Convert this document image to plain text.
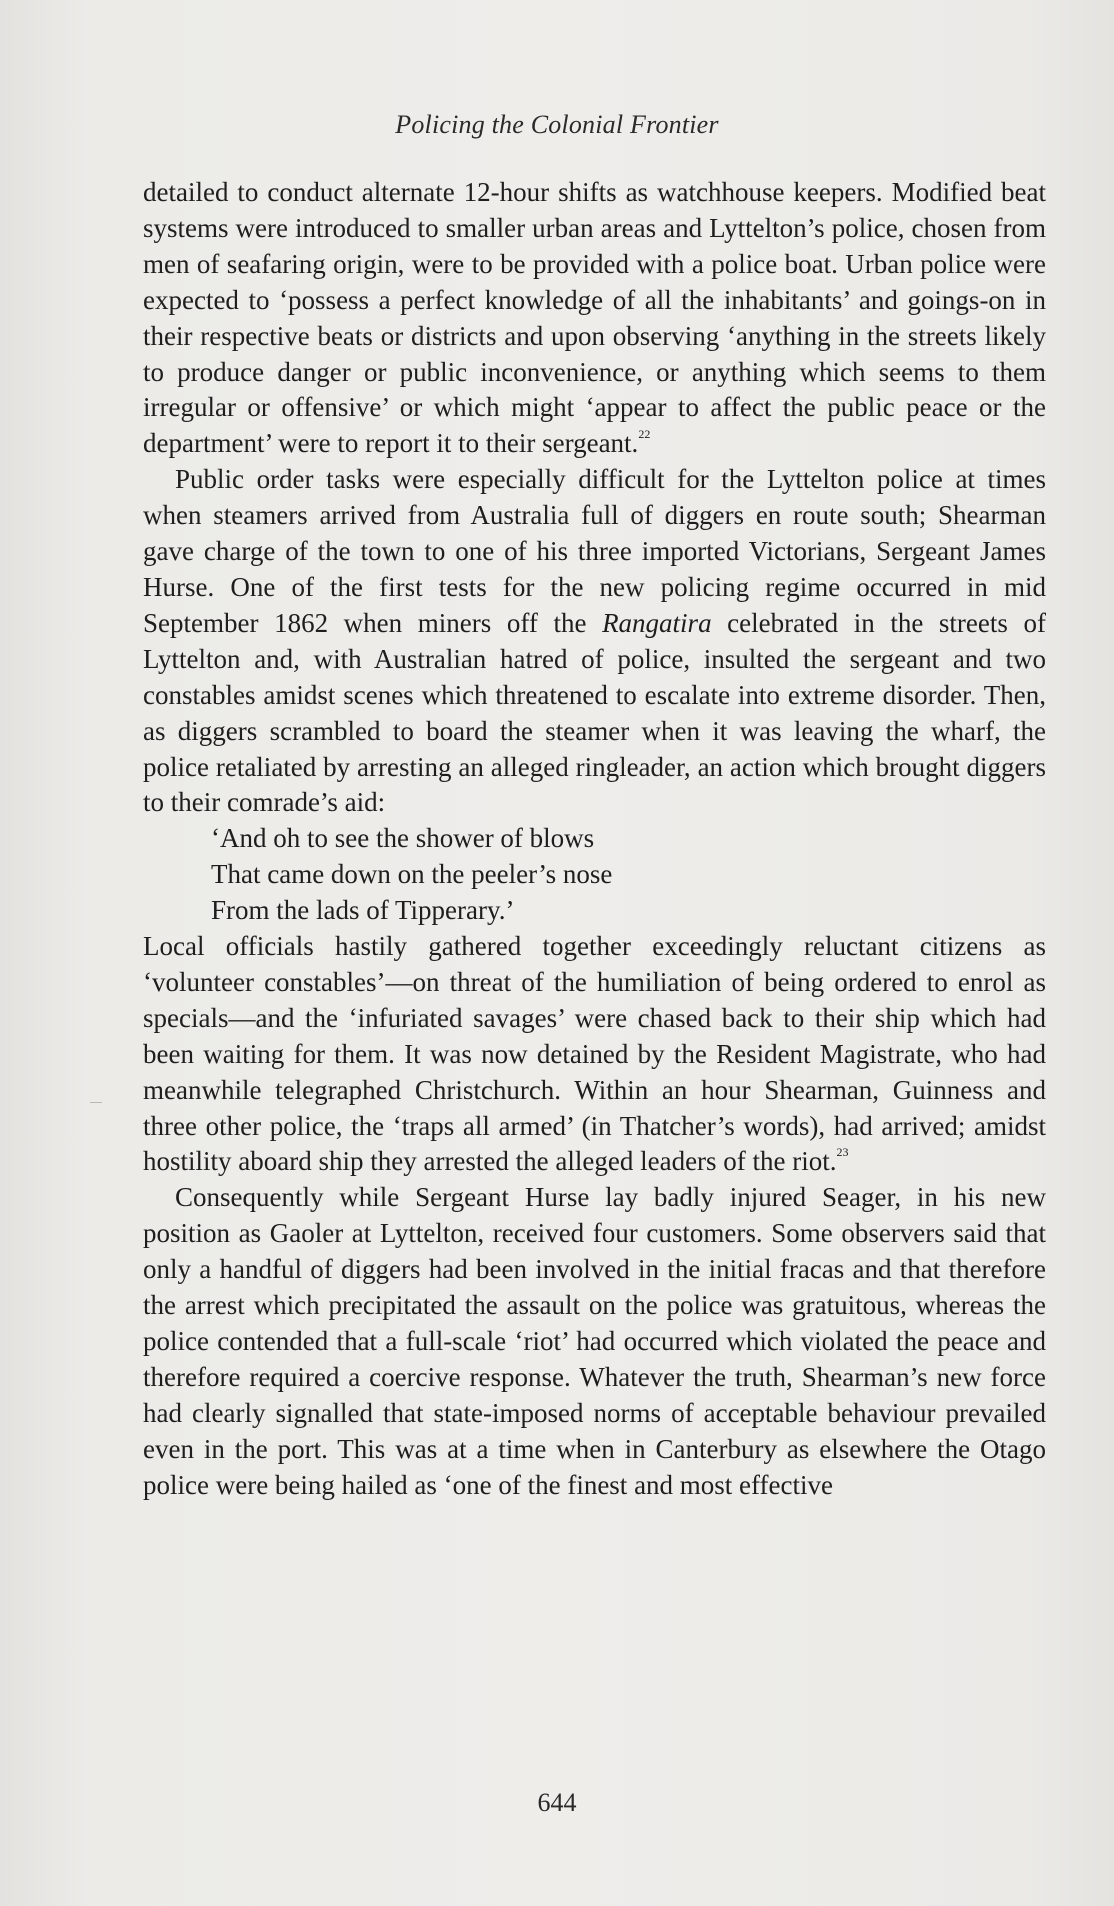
Policing the Colonial Frontier

detailed to conduct alternate 12-hour shifts as watchhouse keepers. Modified beat systems were introduced to smaller urban areas and Lyttelton’s police, chosen from men of seafaring origin, were to be provided with a police boat. Urban police were expected to ‘possess a perfect knowledge of all the inhabitants’ and goings-on in their respective beats or districts and upon observing ‘anything in the streets likely to produce danger or public inconvenience, or anything which seems to them irregular or offensive’ or which might ‘appear to affect the public peace or the department’ were to report it to their sergeant.$^{22}$

Public order tasks were especially difficult for the Lyttelton police at times when steamers arrived from Australia full of diggers en route south; Shearman gave charge of the town to one of his three imported Victorians, Sergeant James Hurse. One of the first tests for the new policing regime occurred in mid September 1862 when miners off the Rangatira celebrated in the streets of Lyttelton and, with Australian hatred of police, insulted the sergeant and two constables amidst scenes which threatened to escalate into extreme disorder. Then, as diggers scrambled to board the steamer when it was leaving the wharf, the police retaliated by arresting an alleged ringleader, an action which brought diggers to their comrade’s aid:

‘And oh to see the shower of blows
That came down on the peeler’s nose
From the lads of Tipperary.’

Local officials hastily gathered together exceedingly reluctant citizens as ‘volunteer constables’—on threat of the humiliation of being ordered to enrol as specials—and the ‘infuriated savages’ were chased back to their ship which had been waiting for them. It was now detained by the Resident Magistrate, who had meanwhile telegraphed Christchurch. Within an hour Shearman, Guinness and three other police, the ‘traps all armed’ (in Thatcher’s words), had arrived; amidst hostility aboard ship they arrested the alleged leaders of the riot.$^{23}$

Consequently while Sergeant Hurse lay badly injured Seager, in his new position as Gaoler at Lyttelton, received four customers. Some observers said that only a handful of diggers had been involved in the initial fracas and that therefore the arrest which precipitated the assault on the police was gratuitous, whereas the police contended that a full-scale ‘riot’ had occurred which violated the peace and therefore required a coercive response. Whatever the truth, Shearman’s new force had clearly signalled that state-imposed norms of acceptable behaviour prevailed even in the port. This was at a time when in Canterbury as elsewhere the Otago police were being hailed as ‘one of the finest and most effective

644
